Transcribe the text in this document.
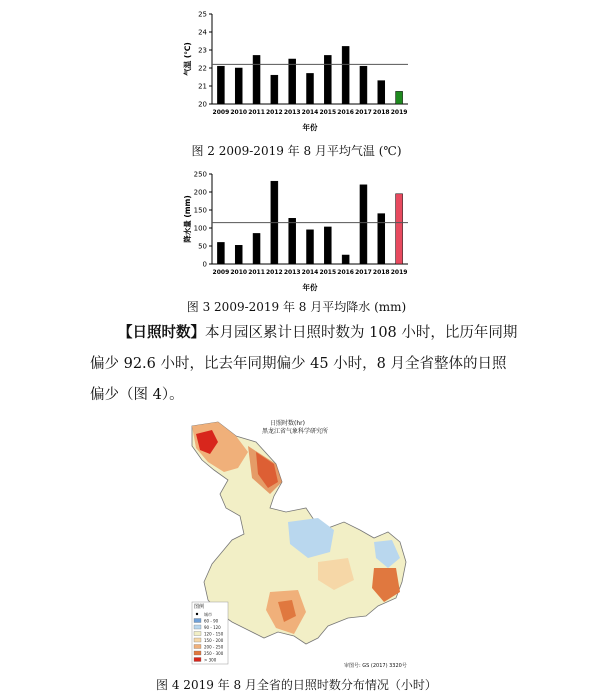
20
21
22
23
24
25
2009 2010 2011 2012 2013 2014 2015 2016 2017 2018 2019
年份
气温 (℃)
图 2 2009-2019 年 8 月平均气温 (℃)
0
50
100
150
200
250
2009 2010 2011 2012 2013 2014 2015 2016 2017 2018 2019
年份
降水量 (mm)
图 3 2009-2019 年 8 月平均降水 (mm)
【日照时数】本月园区累计日照时数为 108 小时，比历年同期偏少 92.6 小时，比去年同期偏少 45 小时，8 月全省整体的日照偏少（图 4）。
城市
60 - 90
90 - 120
120 - 150
150 - 200
200 - 250
250 - 300
> 300
日照时数(hr)
黑龙江省气象科学研究所
图例
审图号: GS (2017) 3320号
图 4 2019 年 8 月全省的日照时数分布情况（小时）
